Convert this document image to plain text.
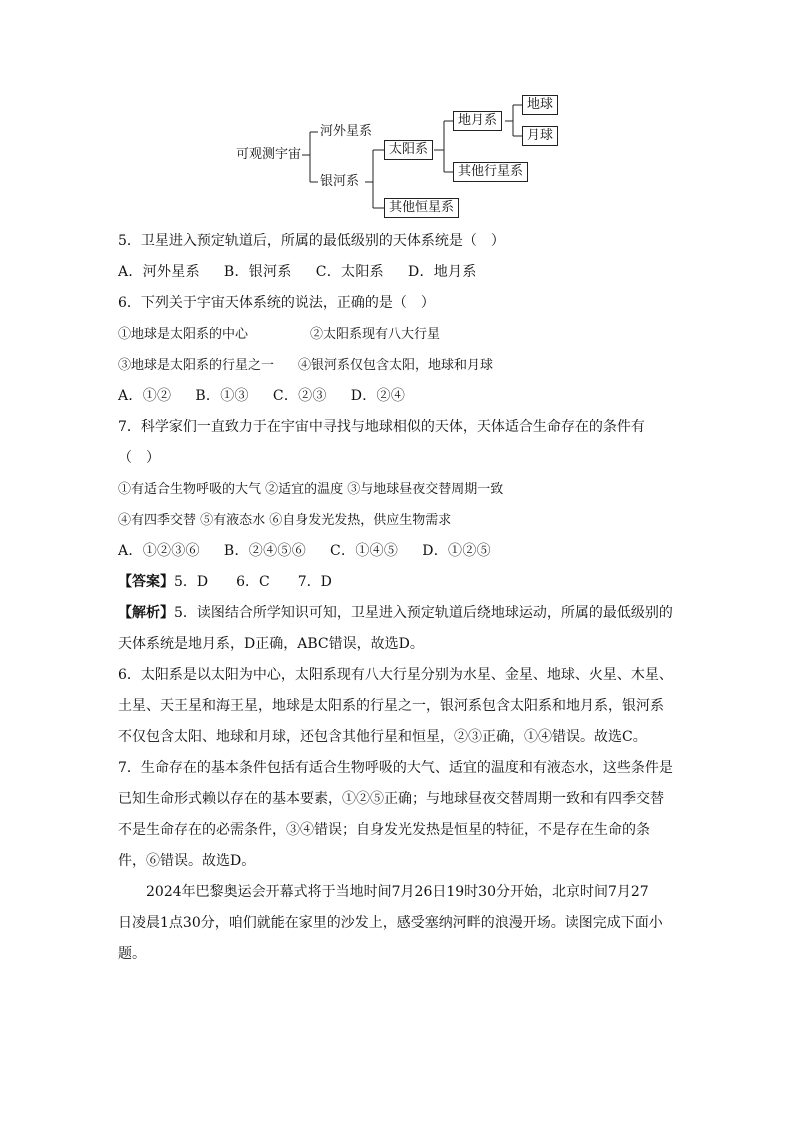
可观测宇宙
河外星系
银河系
太阳系
其他恒星系
地月系
其他行星系
地球
月球
5．卫星进入预定轨道后，所属的最低级别的天体系统是（　）
A．河外星系 B．银河系 C．太阳系 D．地月系
6．下列关于宇宙天体系统的说法，正确的是（　）
①地球是太阳系的中心	②太阳系现有八大行星
③地球是太阳系的行星之一 ④银河系仅包含太阳，地球和月球
A．①② B．①③ C．②③ D．②④
7．科学家们一直致力于在宇宙中寻找与地球相似的天体，天体适合生命存在的条件有
（　）
①有适合生物呼吸的大气 ②适宜的温度 ③与地球昼夜交替周期一致
④有四季交替 ⑤有液态水 ⑥自身发光发热，供应生物需求
A．①②③⑥ B．②④⑤⑥ C．①④⑤ D．①②⑤
【答案】5．D　　6．C　　7．D
【解析】5．读图结合所学知识可知，卫星进入预定轨道后绕地球运动，所属的最低级别的
天体系统是地月系，D正确，ABC错误，故选D。
6．太阳系是以太阳为中心，太阳系现有八大行星分别为水星、金星、地球、火星、木星、
土星、天王星和海王星，地球是太阳系的行星之一，银河系包含太阳系和地月系，银河系
不仅包含太阳、地球和月球，还包含其他行星和恒星，②③正确，①④错误。故选C。
7．生命存在的基本条件包括有适合生物呼吸的大气、适宜的温度和有液态水，这些条件是
已知生命形式赖以存在的基本要素，①②⑤正确；与地球昼夜交替周期一致和有四季交替
不是生命存在的必需条件，③④错误；自身发光发热是恒星的特征，不是存在生命的条
件，⑥错误。故选D。
2024年巴黎奥运会开幕式将于当地时间7月26日19时30分开始，北京时间7月27
日凌晨1点30分，咱们就能在家里的沙发上，感受塞纳河畔的浪漫开场。读图完成下面小
题。
